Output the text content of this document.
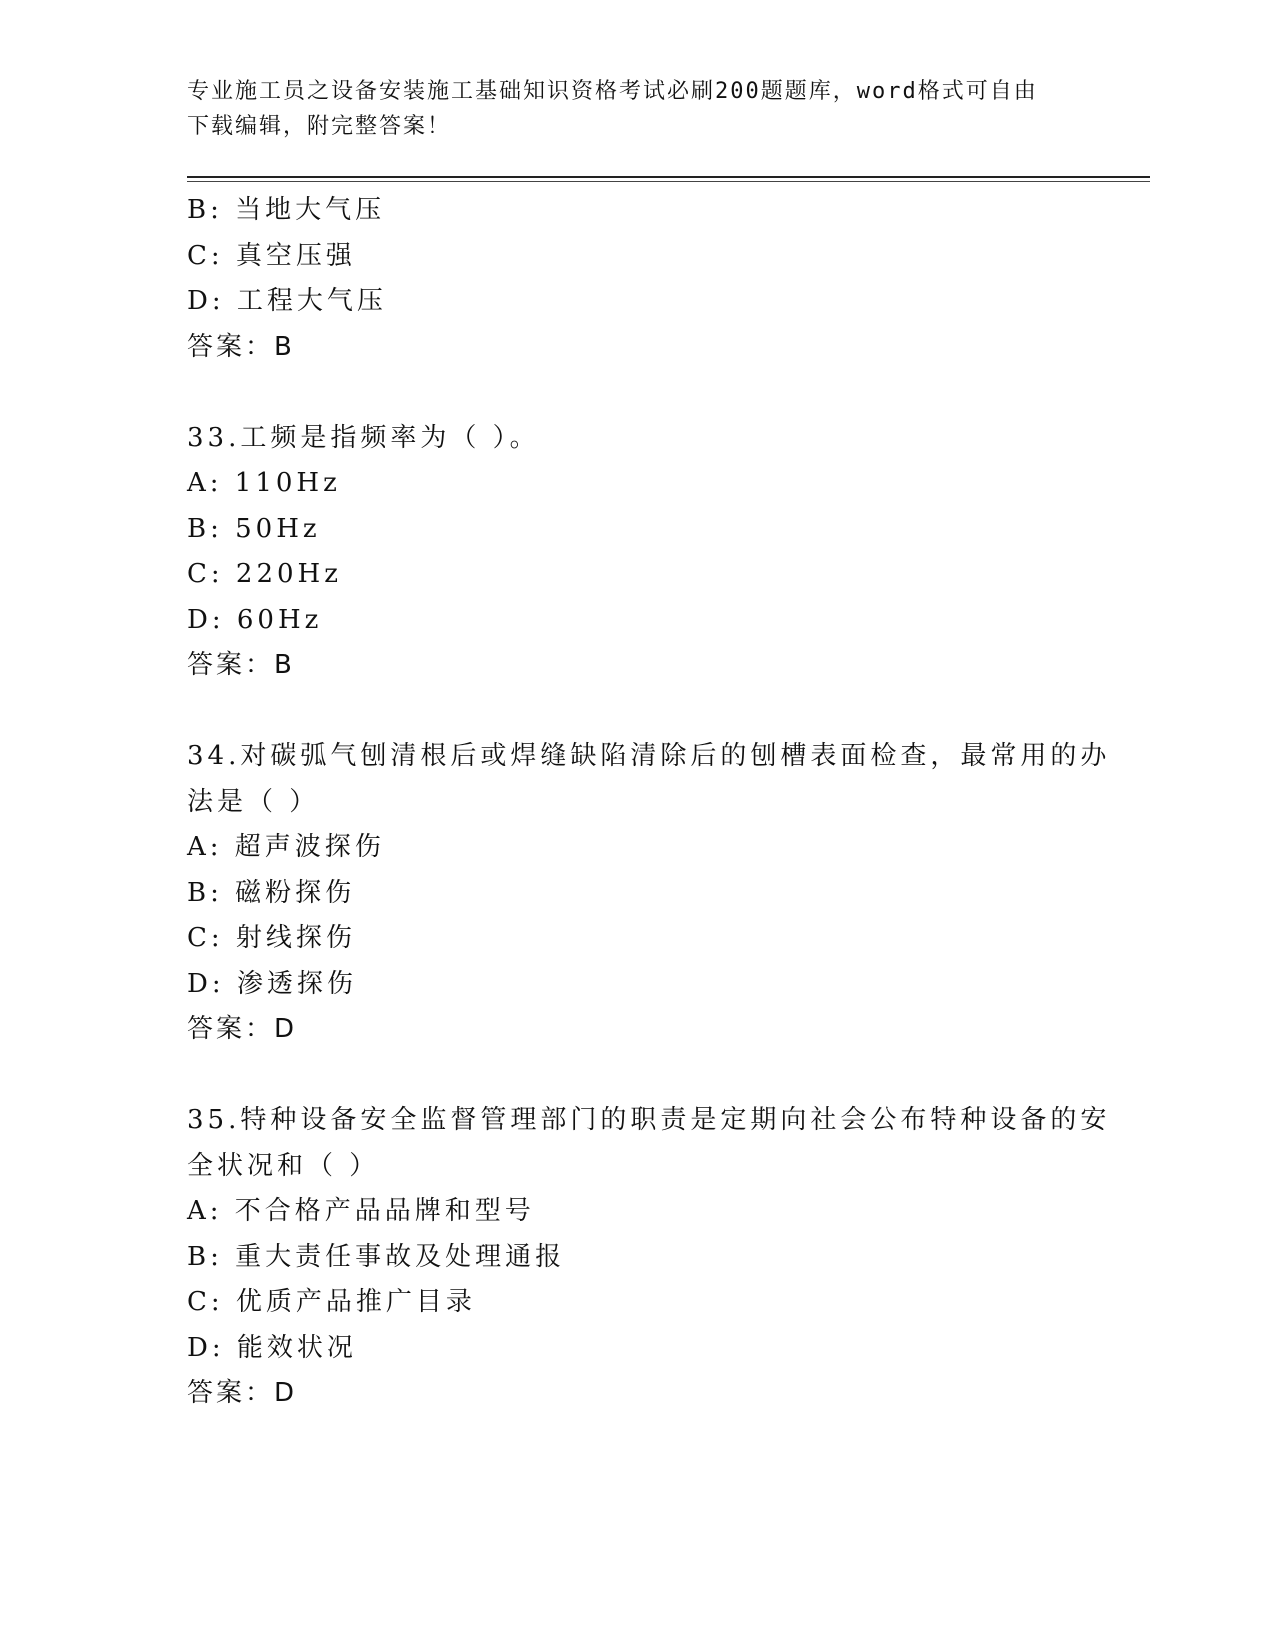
专业施工员之设备安装施工基础知识资格考试必刷200题题库，word格式可自由
下载编辑，附完整答案！
B: 当地大气压
C: 真空压强
D: 工程大气压
答案：B
33.工频是指频率为（ ）。
A: 110Hz
B: 50Hz
C: 220Hz
D: 60Hz
答案：B
34.对碳弧气刨清根后或焊缝缺陷清除后的刨槽表面检查，最常用的办
法是（ ）
A: 超声波探伤
B: 磁粉探伤
C: 射线探伤
D: 渗透探伤
答案：D
35.特种设备安全监督管理部门的职责是定期向社会公布特种设备的安
全状况和（ ）
A: 不合格产品品牌和型号
B: 重大责任事故及处理通报
C: 优质产品推广目录
D: 能效状况
答案：D
